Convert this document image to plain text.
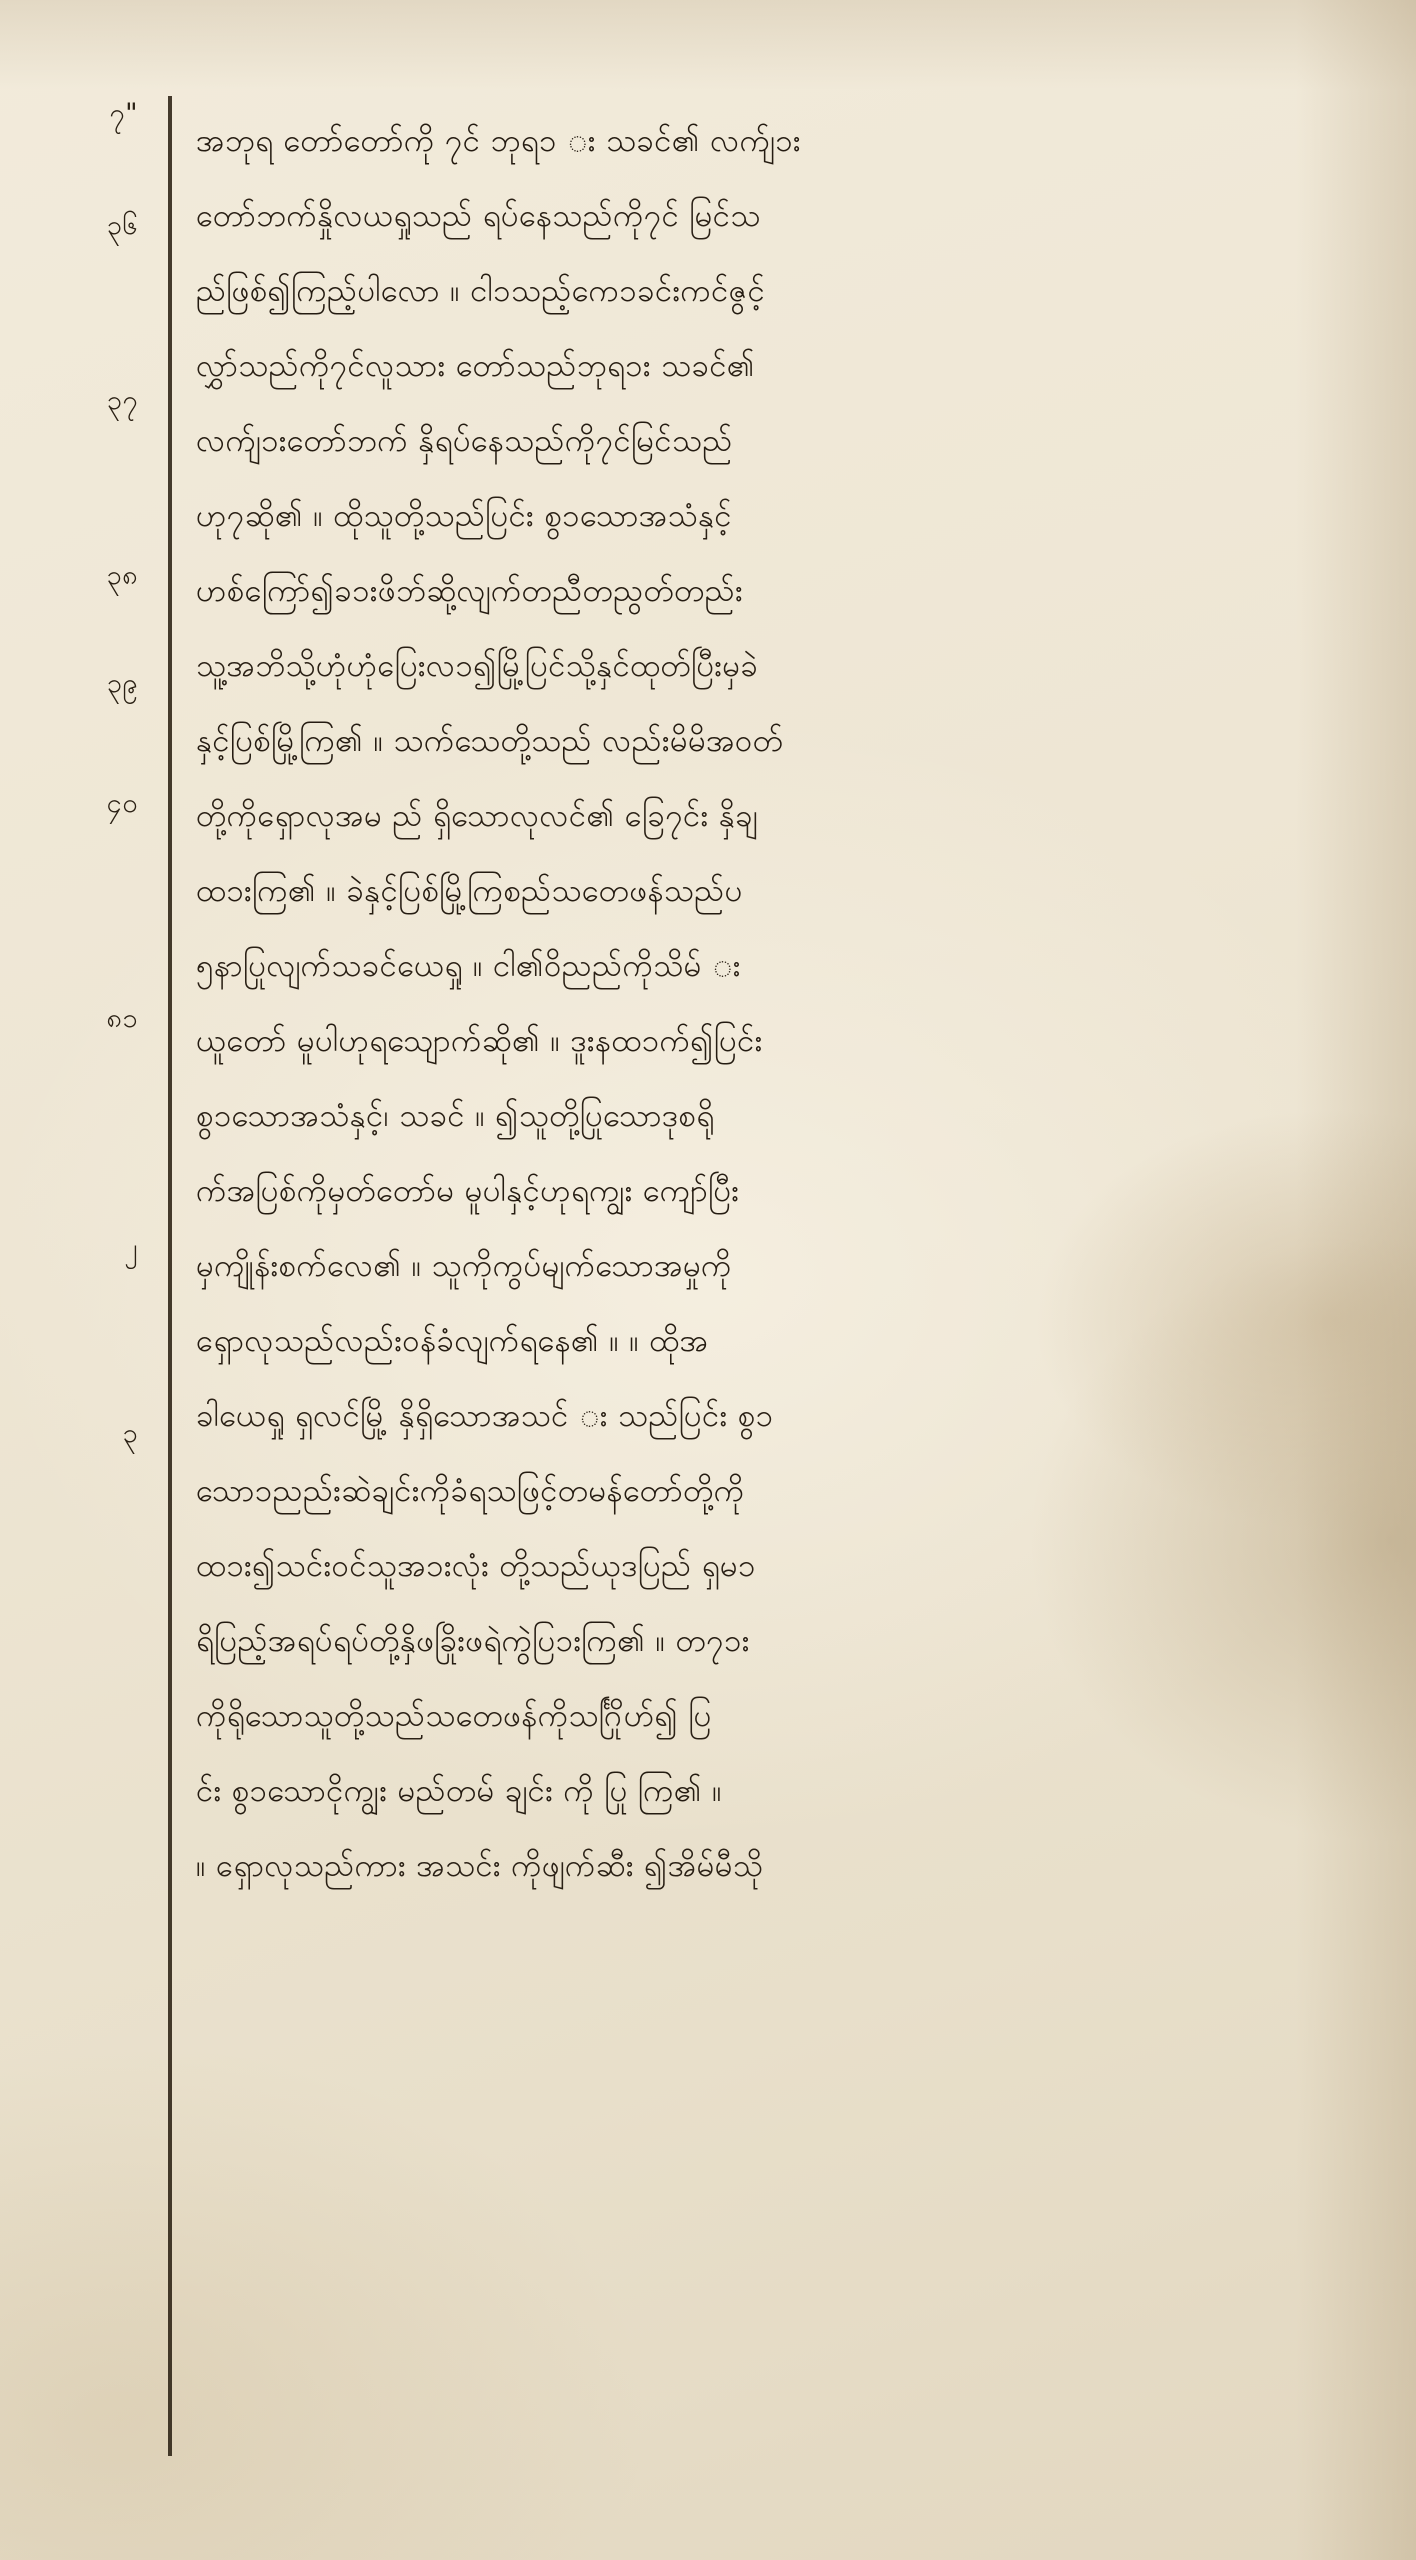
၇"
၃၆
၃၇
၃၈
၃၉
၄၀
၈၁
၂
၃
အဘုရ တော်တော်ကို ၇င် ဘုရ၁ း သခင်၏ လက်ျ၁း
တော်ဘက်နှိုလယရှုသည် ရပ်နေသည်ကို၇င် မြင်သ
ည်ဖြစ်၍ကြည့်ပါလော ။ ငါ၁သည့်ကေ၁ခင်းကင်ဇွင့်
လွှာ်သည်ကို၇င်လူသား တော်သည်ဘုရ၁း သခင်၏
လက်ျ၁းတော်ဘက် နှိရပ်နေသည်ကို၇င်မြင်သည်
ဟု၇ဆို၏ ။ ထိုသူတို့သည်ပြင်း စွ၁သောအသံနှင့်
ဟစ်ကြော်၍ခ၁းဖိဘ်ဆို့လျက်တညီတညွတ်တည်း
သူ့အဘိသို့ဟုံဟုံပြေးလ၁၍မြို့ပြင်သို့နှင်ထုတ်ပြီးမှခဲ
နှင့်ပြစ်မြို့ကြ၏ ။ သက်သေတို့သည် လည်းမိမိအဝတ်
တို့ကိုရှောလုအမ ည် ရှိသောလုလင်၏ ခြေ၇င်း နှိချ
ထ၁းကြ၏ ။ ခဲနှင့်ပြစ်မြို့ကြစည်သတေဖန်သည်ပ
၅နာပြုလျက်သခင်ယေရှု ။ ငါ၏ဝိညည်ကိုသိမ် း
ယူတော် မူပါဟုရသျောက်ဆို၏ ။ ဒူးနထ၁က်၍ပြင်း
စွ၁သောအသံနှင့်၊ သခင် ။ ၍သူတို့ပြုသောဒုစရို
က်အပြစ်ကိုမှတ်တော်မ မူပါနှင့်ဟုရကျွး ကျော်ပြီး
မှကျိုန်းစက်လေ၏ ။ သူကိုကွပ်မျက်သောအမှုကို
ရှောလုသည်လည်းဝန်ခံလျက်ရနေ၏ ။ ။ ထိုအ
ခါယေရှု ရှလင်မြို့ နှိရှိသောအသင် း သည်ပြင်း စွ၁
သော၁ညည်းဆဲချင်းကိုခံရသဖြင့်တမန်တော်တို့ကို
ထ၁း၍သင်းဝင်သူအ၁းလုံး တို့သည်ယုဒပြည် ရှမ၁
ရိပြည့်အရပ်ရပ်တို့နှိဖခြိုးဖရဲကွဲပြ၁းကြ၏ ။ တ၇၁း
ကိုရိုသောသူတို့သည်သတေဖန်ကိုသင်္ဂြိုဟ်၍ ပြ
င်း စွ၁သောငိုကျွး မည်တမ် ချင်း ကို ပြု ကြ၏ ။
။ ရှောလုသည်ကား အသင်း ကိုဖျက်ဆီး ၍အိမ်မီသို
